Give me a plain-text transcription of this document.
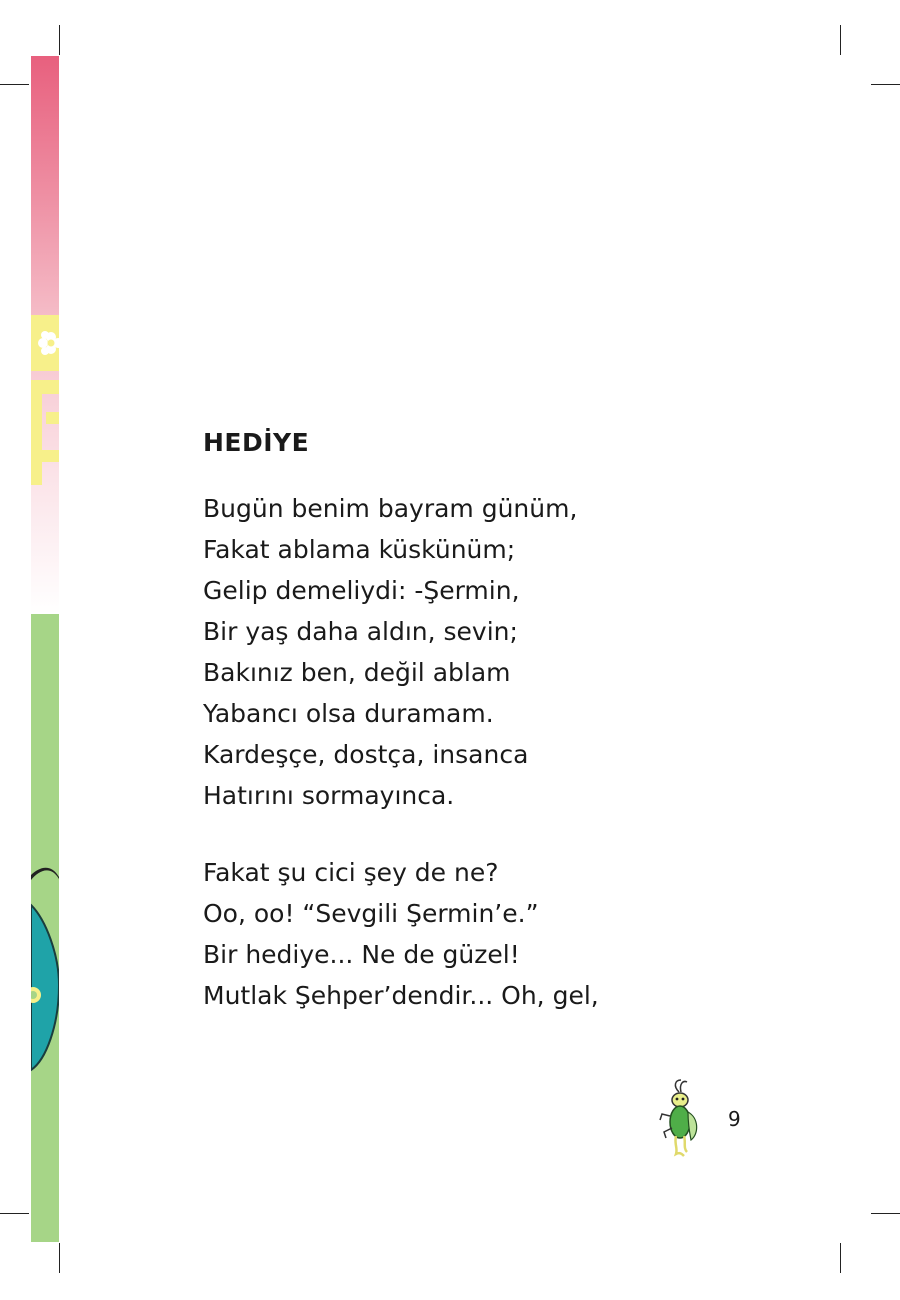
HEDİYE
Bugün benim bayram günüm,
Fakat ablama küskünüm;
Gelip demeliydi: -Şermin,
Bir yaş daha aldın, sevin;
Bakınız ben, değil ablam
Yabancı olsa duramam.
Kardeşçe, dostça, insanca
Hatırını sormayınca.
Fakat şu cici şey de ne?
Oo, oo! “Sevgili Şermin’e.”
Bir hediye... Ne de güzel!
Mutlak Şehper’dendir... Oh, gel,
9
